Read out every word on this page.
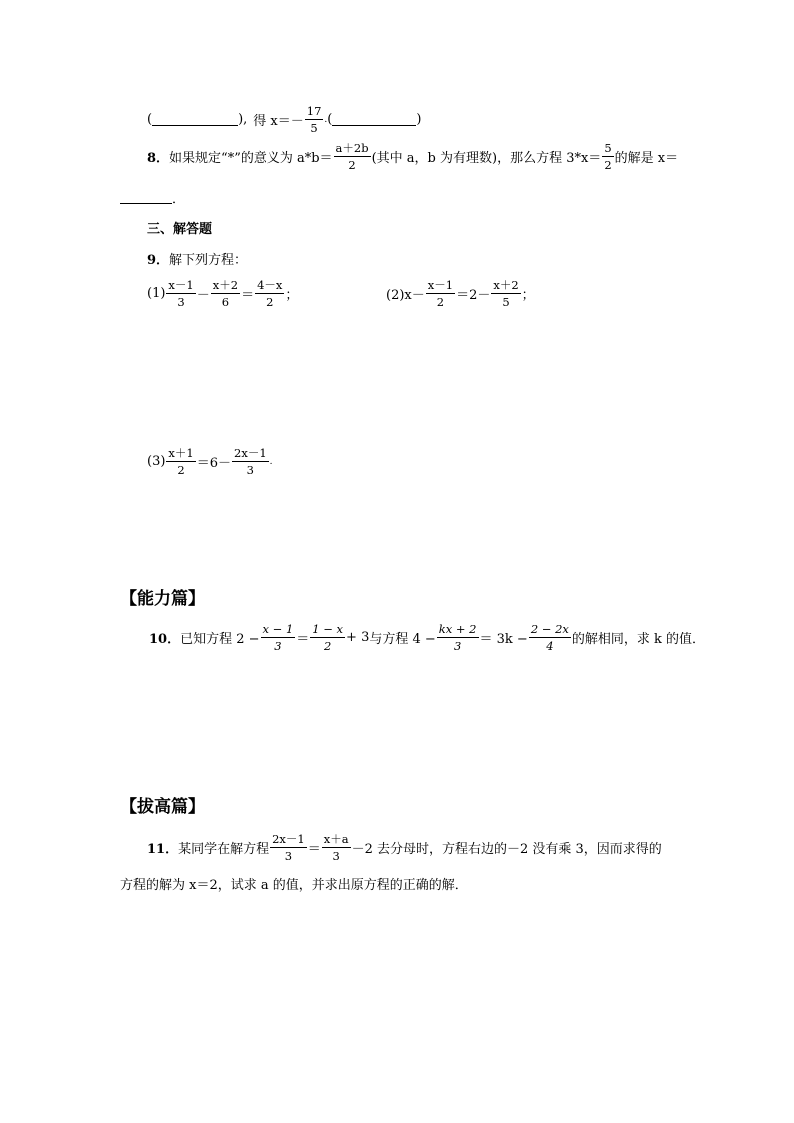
(	), 得 $x=- \frac{17}{5}$ . (	)
8． 如果规定“*”的意义为 $a*b= \frac{a+2b}{2}$ (其中 a，b 为有理数)，那么方程 $3*x= \frac{5}{2}$ 的解是 x＝
．
三、解答题
9． 解下列方程：
$(1) \frac{x-1}{3} - \frac{x+2}{6} = \frac{4-x}{2}$ ；	$(2)x- \frac{x-1}{2} =2- \frac{x+2}{5}$ ；
$(3) \frac{x+1}{2} =6- \frac{2x-1}{3}$ .
【能力篇】
10． 已知方程 $2 - \frac{x - 1}{3} = \frac{1 - x}{2} + 3$ 与方程 $4 - \frac{kx + 2}{3} = 3k - \frac{2 - 2x}{4}$ 的解相同，求 k 的值．
【拔高篇】
11． 某同学在解方程 $\frac{2x-1}{3} = \frac{x+a}{3} -2$ 去分母时，方程右边的－2 没有乘 3，因而求得的
方程的解为 x＝2，试求 a 的值，并求出原方程的正确的解．
